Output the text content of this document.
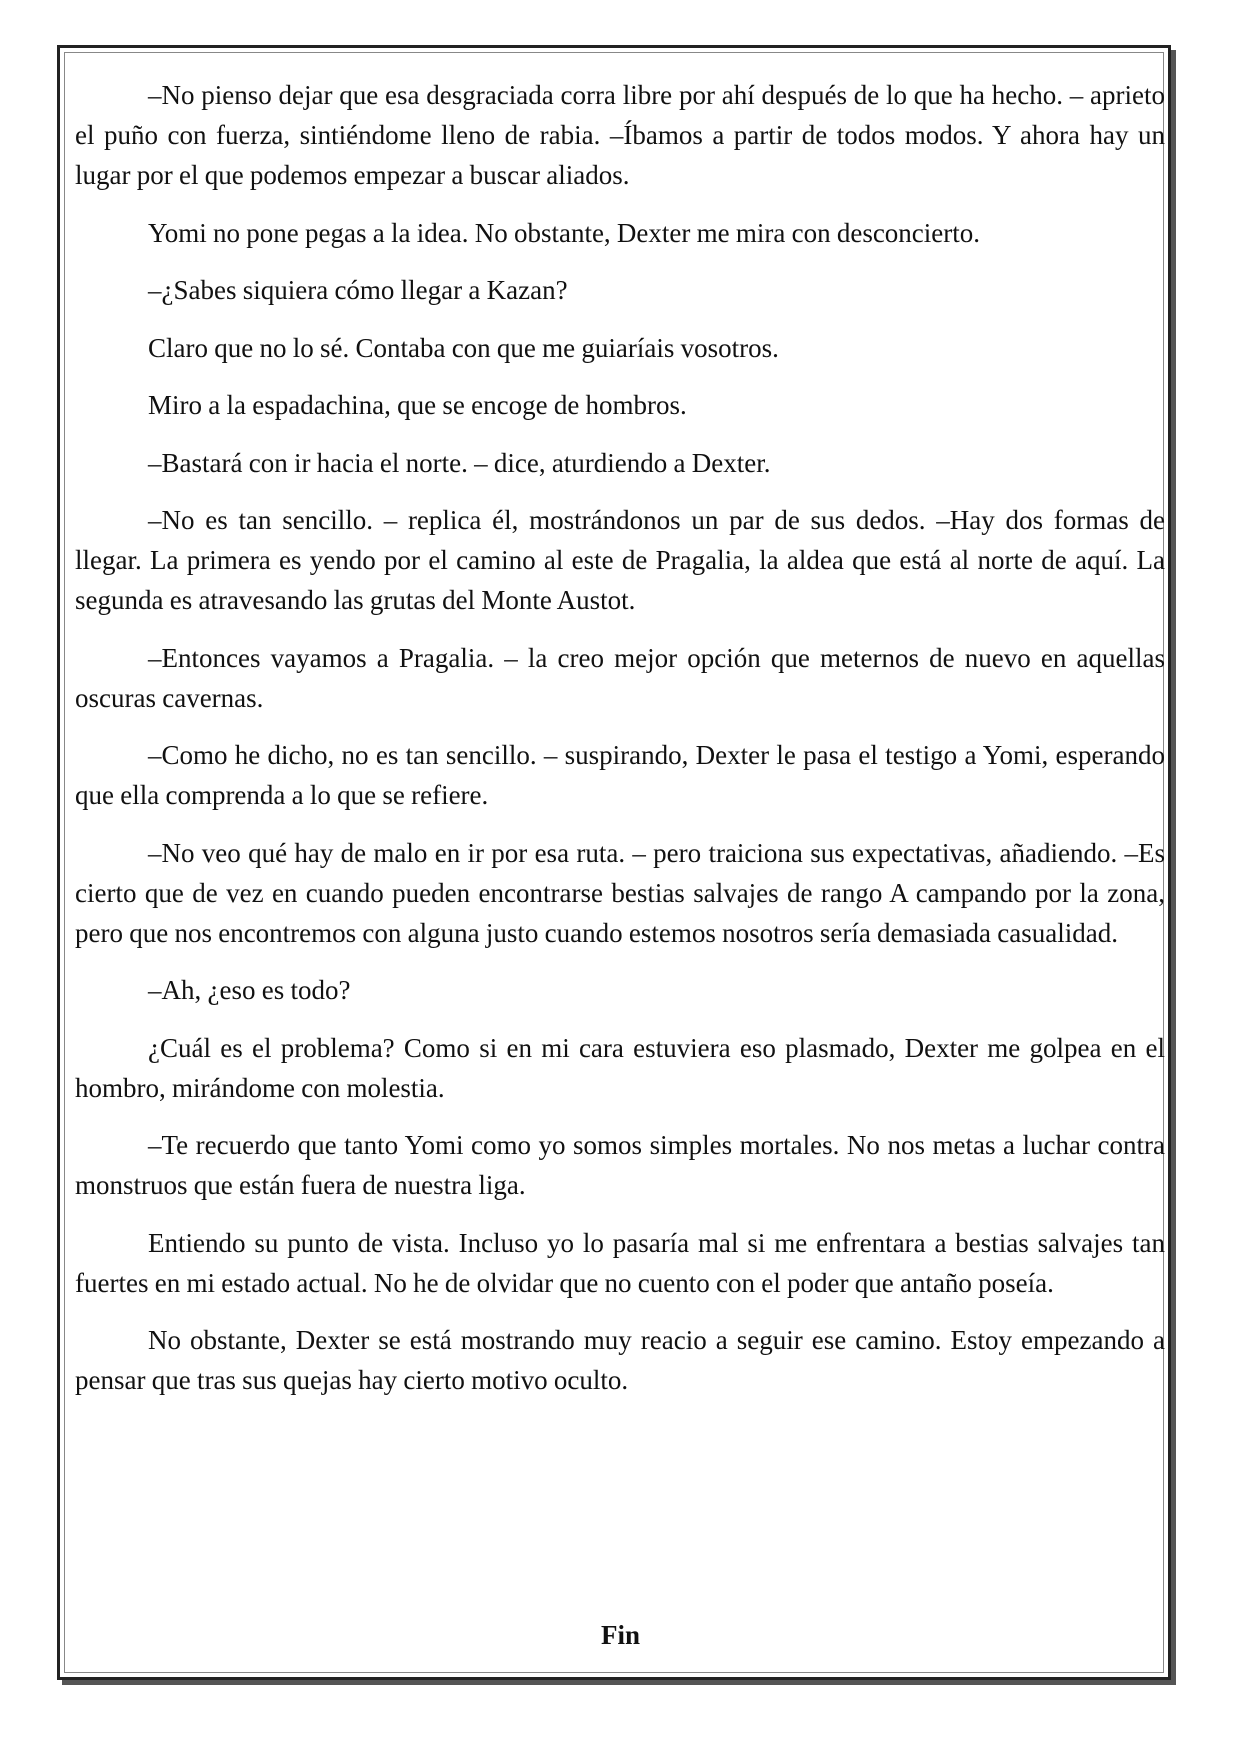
–No pienso dejar que esa desgraciada corra libre por ahí después de lo que ha hecho. – aprieto el puño con fuerza, sintiéndome lleno de rabia. –Íbamos a partir de todos modos. Y ahora hay un lugar por el que podemos empezar a buscar aliados.

Yomi no pone pegas a la idea. No obstante, Dexter me mira con desconcierto.

–¿Sabes siquiera cómo llegar a Kazan?

Claro que no lo sé. Contaba con que me guiaríais vosotros.

Miro a la espadachina, que se encoge de hombros.

–Bastará con ir hacia el norte. – dice, aturdiendo a Dexter.

–No es tan sencillo. – replica él, mostrándonos un par de sus dedos. –Hay dos formas de llegar. La primera es yendo por el camino al este de Pragalia, la aldea que está al norte de aquí. La segunda es atravesando las grutas del Monte Austot.

–Entonces vayamos a Pragalia. – la creo mejor opción que meternos de nuevo en aquellas oscuras cavernas.

–Como he dicho, no es tan sencillo. – suspirando, Dexter le pasa el testigo a Yomi, esperando que ella comprenda a lo que se refiere.

–No veo qué hay de malo en ir por esa ruta. – pero traiciona sus expectativas, añadiendo. –Es cierto que de vez en cuando pueden encontrarse bestias salvajes de rango A campando por la zona, pero que nos encontremos con alguna justo cuando estemos nosotros sería demasiada casualidad.

–Ah, ¿eso es todo?

¿Cuál es el problema? Como si en mi cara estuviera eso plasmado, Dexter me golpea en el hombro, mirándome con molestia.

–Te recuerdo que tanto Yomi como yo somos simples mortales. No nos metas a luchar contra monstruos que están fuera de nuestra liga.

Entiendo su punto de vista. Incluso yo lo pasaría mal si me enfrentara a bestias salvajes tan fuertes en mi estado actual. No he de olvidar que no cuento con el poder que antaño poseía.

No obstante, Dexter se está mostrando muy reacio a seguir ese camino. Estoy empezando a pensar que tras sus quejas hay cierto motivo oculto.

Fin
